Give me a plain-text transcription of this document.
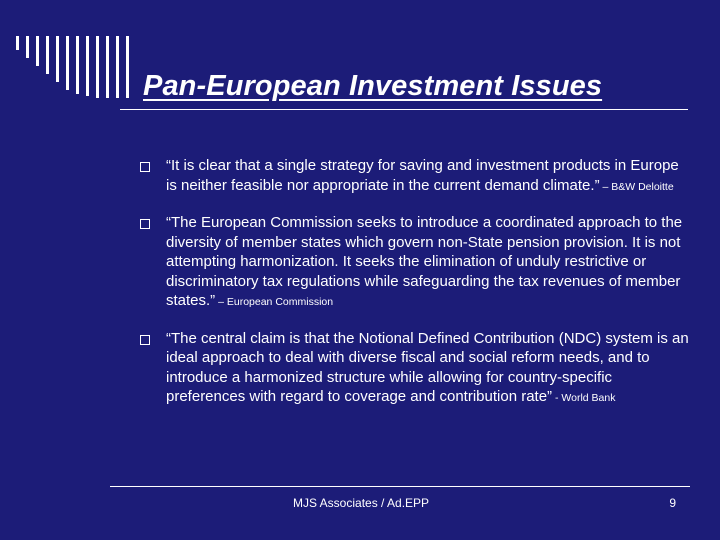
Pan-European Investment Issues
“It is clear that a single strategy for saving and investment products in Europe is neither feasible nor appropriate in the current demand climate.” – B&W Deloitte
“The European Commission seeks to introduce a coordinated approach to the diversity of member states which govern non-State pension provision. It is not attempting harmonization. It seeks the elimination of unduly restrictive or discriminatory tax regulations while safeguarding the tax revenues of member states.” – European Commission
“The central claim is that the Notional Defined Contribution (NDC) system is an ideal approach to deal with diverse fiscal and social reform needs, and to introduce a harmonized structure while allowing for country-specific preferences with regard to coverage and contribution rate” - World Bank
MJS Associates / Ad.EPP	9
